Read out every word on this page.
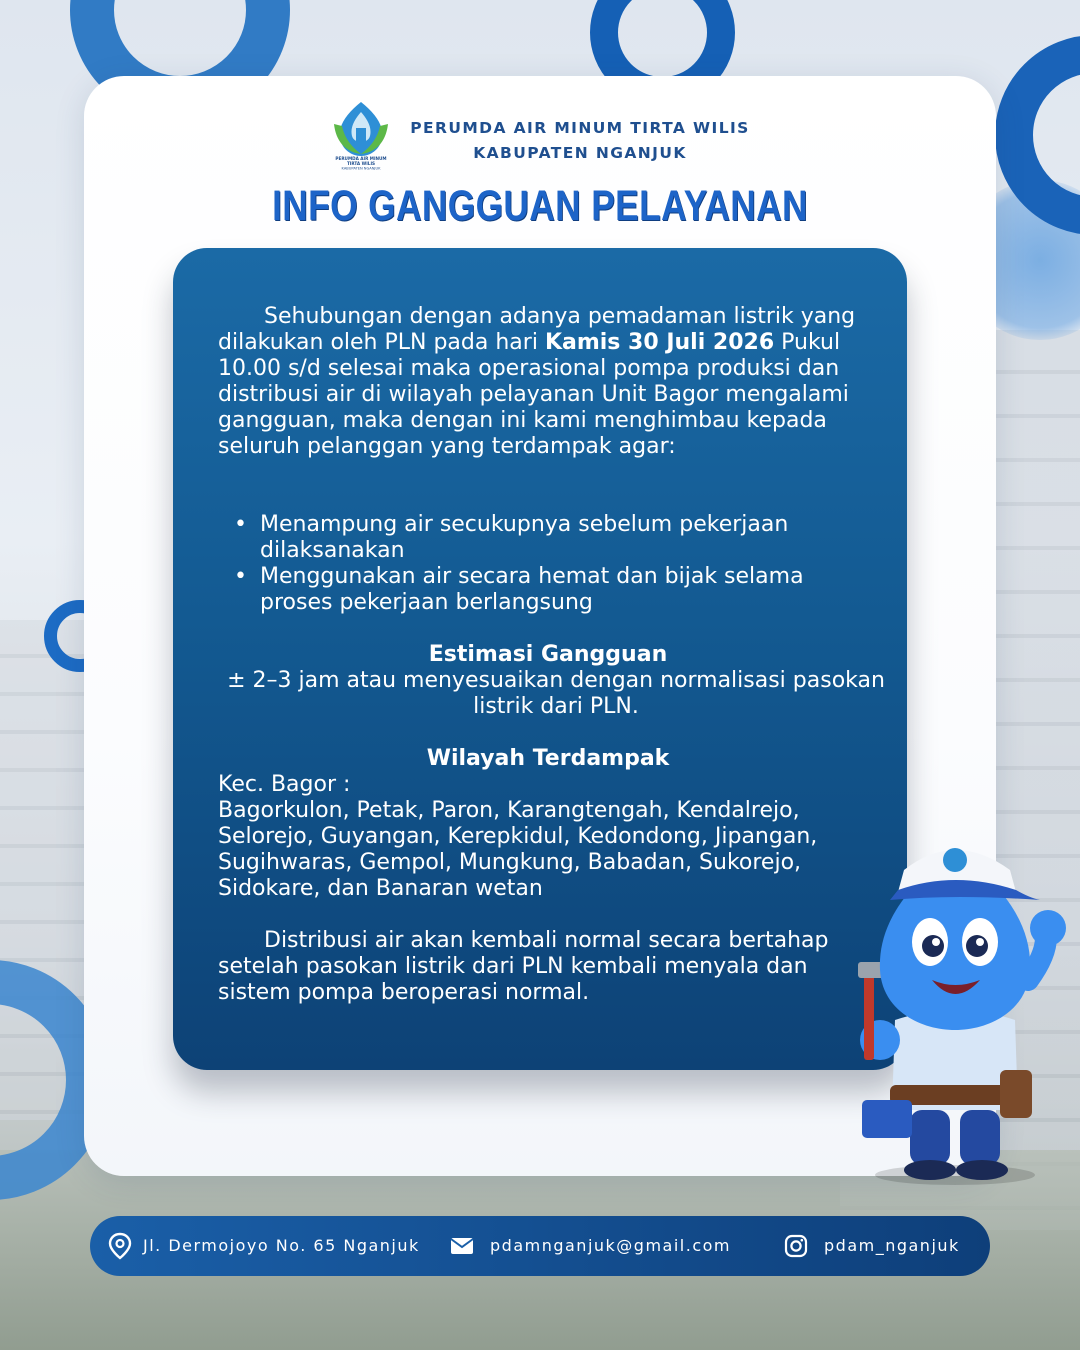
PERUMDA AIR MINUM
TIRTA WILIS
KABUPATEN NGANJUK
PERUMDA AIR MINUM TIRTA WILIS
KABUPATEN NGANJUK
INFO GANGGUAN PELAYANAN
Sehubungan dengan adanya pemadaman listrik yang dilakukan oleh PLN pada hari Kamis 30 Juli 2026 Pukul 10.00 s/d selesai maka operasional pompa produksi dan distribusi air di wilayah pelayanan Unit Bagor mengalami gangguan, maka dengan ini kami menghimbau kepada seluruh pelanggan yang terdampak agar:
• Menampung air secukupnya sebelum pekerjaan dilaksanakan
• Menggunakan air secara hemat dan bijak selama proses pekerjaan berlangsung
Estimasi Gangguan
± 2–3 jam atau menyesuaikan dengan normalisasi pasokan listrik dari PLN.
Wilayah Terdampak
Kec. Bagor :
Bagorkulon, Petak, Paron, Karangtengah, Kendalrejo, Selorejo, Guyangan, Kerepkidul, Kedondong, Jipangan, Sugihwaras, Gempol, Mungkung, Babadan, Sukorejo, Sidokare, dan Banaran wetan
Distribusi air akan kembali normal secara bertahap setelah pasokan listrik dari PLN kembali menyala dan sistem pompa beroperasi normal.
Jl. Dermojoyo No. 65 Nganjuk	pdamnganjuk@gmail.com	pdam_nganjuk
